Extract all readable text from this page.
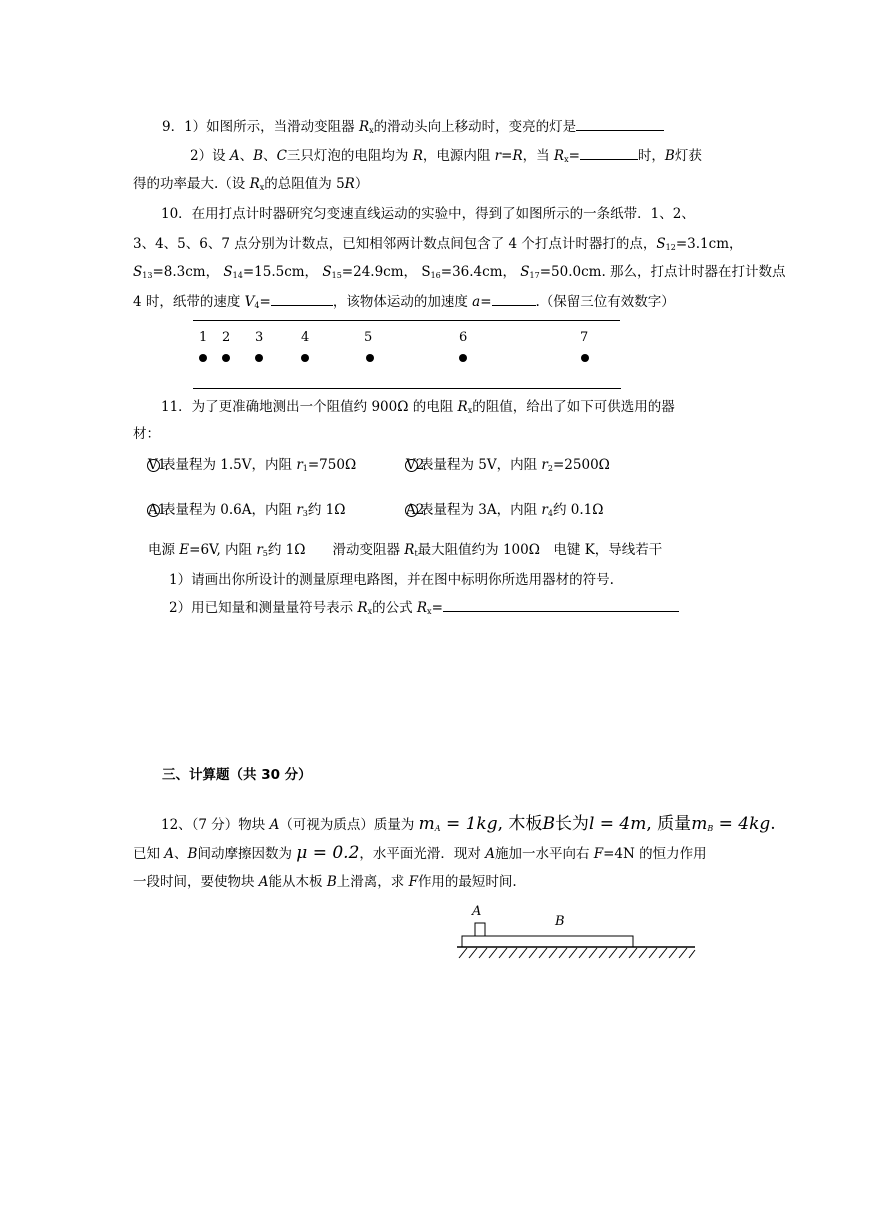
9．1）如图所示，当滑动变阻器 $R_x$的滑动头向上移动时，变亮的灯是
2）设 A、B、C三只灯泡的电阻均为 R，电源内阻 r=R，当 $R_x=$	时，B灯获
得的功率最大.（设 $R_x$的总阻值为 5R）
10．在用打点计时器研究匀变速直线运动的实验中，得到了如图所示的一条纸带．1、2、
3、4、5、6、7 点分别为计数点，已知相邻两计数点间包含了 4 个打点计时器打的点，$S_{12}=3.1cm$，
$S_{13}=8.3cm$， $S_{14}=15.5cm$， $S_{15}=24.9cm$， $S_{16}=36.4cm$， $S_{17}=50.0cm$. 那么，打点计时器在打计数点
4 时，纸带的速度 $V_4=$	，该物体运动的加速度 a=	.（保留三位有效数字）
1 2 3	4	5	6	7
11．为了更准确地测出一个阻值约 900Ω 的电阻 $R_x$的阻值，给出了如下可供选用的器
材：
V1表量程为 1.5V，内阻 $r_1=750\Omega$	V2表量程为 5V，内阻 $r_2=2500\Omega$
A1表量程为 0.6A，内阻 $r_3$约 1Ω	A2表量程为 3A，内阻 $r_4$约 0.1Ω
电源 E=6V, 内阻 $r_5$约 1Ω　　滑动变阻器 $R_t$最大阻值约为 100Ω　电键 K，导线若干
1）请画出你所设计的测量原理电路图，并在图中标明你所选用器材的符号.
2）用已知量和测量量符号表示 $R_x$的公式 $R_x=$
三、计算题（共 30 分）
12、（7 分）物块 A（可视为质点）质量为 $m_A = 1kg$, 木板B长为l = 4m, 质量$m_B = 4kg$.
已知 A、B间动摩擦因数为 μ = 0.2，水平面光滑．现对 A施加一水平向右 F=4N 的恒力作用
一段时间，要使物块 A能从木板 B上滑离，求 F作用的最短时间.
A
B
